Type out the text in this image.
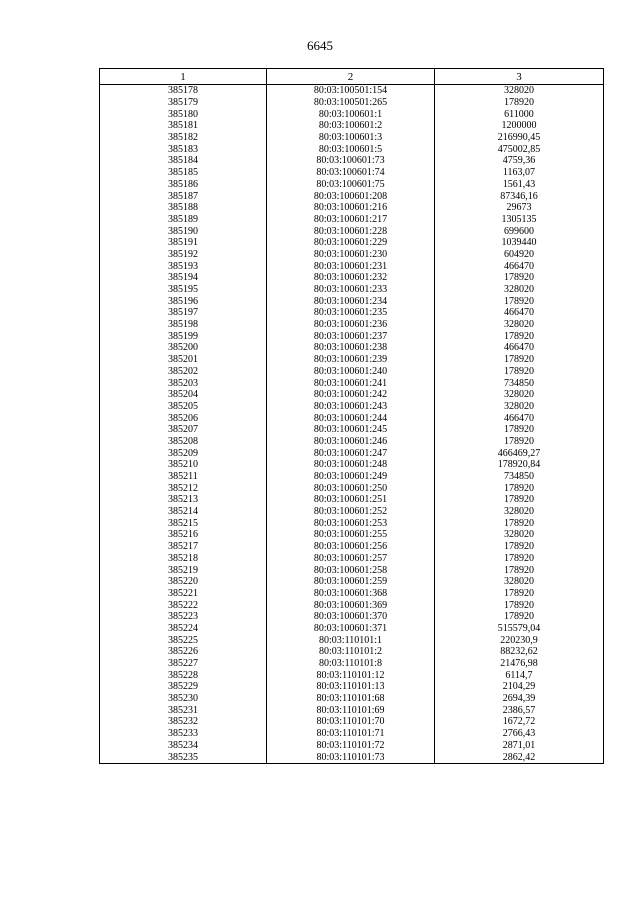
6645
1	2	3
385178	80:03:100501:154	328020
385179	80:03:100501:265	178920
385180	80:03:100601:1	611000
385181	80:03:100601:2	1200000
385182	80:03:100601:3	216990,45
385183	80:03:100601:5	475002,85
385184	80:03:100601:73	4759,36
385185	80:03:100601:74	1163,07
385186	80:03:100601:75	1561,43
385187	80:03:100601:208	87346,16
385188	80:03:100601:216	29673
385189	80:03:100601:217	1305135
385190	80:03:100601:228	699600
385191	80:03:100601:229	1039440
385192	80:03:100601:230	604920
385193	80:03:100601:231	466470
385194	80:03:100601:232	178920
385195	80:03:100601:233	328020
385196	80:03:100601:234	178920
385197	80:03:100601:235	466470
385198	80:03:100601:236	328020
385199	80:03:100601:237	178920
385200	80:03:100601:238	466470
385201	80:03:100601:239	178920
385202	80:03:100601:240	178920
385203	80:03:100601:241	734850
385204	80:03:100601:242	328020
385205	80:03:100601:243	328020
385206	80:03:100601:244	466470
385207	80:03:100601:245	178920
385208	80:03:100601:246	178920
385209	80:03:100601:247	466469,27
385210	80:03:100601:248	178920,84
385211	80:03:100601:249	734850
385212	80:03:100601:250	178920
385213	80:03:100601:251	178920
385214	80:03:100601:252	328020
385215	80:03:100601:253	178920
385216	80:03:100601:255	328020
385217	80:03:100601:256	178920
385218	80:03:100601:257	178920
385219	80:03:100601:258	178920
385220	80:03:100601:259	328020
385221	80:03:100601:368	178920
385222	80:03:100601:369	178920
385223	80:03:100601:370	178920
385224	80:03:100601:371	515579,04
385225	80:03:110101:1	220230,9
385226	80:03:110101:2	88232,62
385227	80:03:110101:8	21476,98
385228	80:03:110101:12	6114,7
385229	80:03:110101:13	2104,29
385230	80:03:110101:68	2694,39
385231	80:03:110101:69	2386,57
385232	80:03:110101:70	1672,72
385233	80:03:110101:71	2766,43
385234	80:03:110101:72	2871,01
385235	80:03:110101:73	2862,42
